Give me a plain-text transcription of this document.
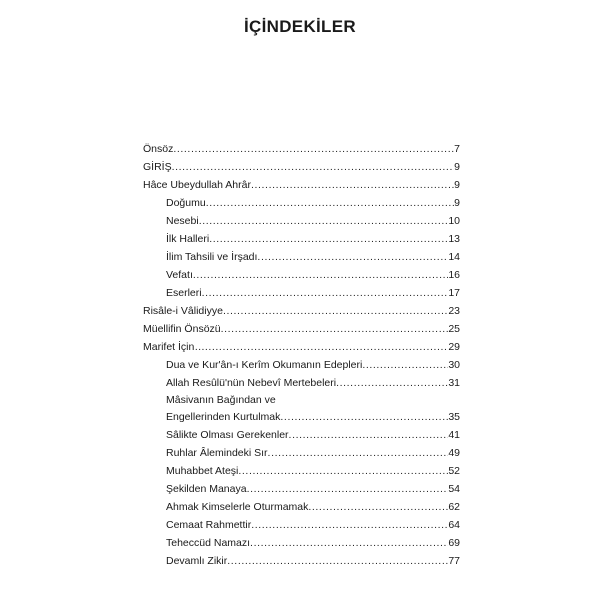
İÇİNDEKİLER
Önsöz .....	7
GİRİŞ .....	9
Hâce Ubeydullah Ahrâr .....	9
Doğumu .....	9
Nesebi .....	10
İlk Halleri .....	13
İlim Tahsili ve İrşadı .....	14
Vefatı .....	16
Eserleri .....	17
Risâle-i Vâlidiyye .....	23
Müellifin Önsözü .....	25
Marifet İçin… .....	29
Dua ve Kur'ân-ı Kerîm Okumanın Edepleri .....	30
Allah Resûlü'nün Nebevî Mertebeleri .....	31
Mâsivanın Bağından ve
Engellerinden Kurtulmak .....	35
Sâlikte Olması Gerekenler .....	41
Ruhlar Âlemindeki Sır .....	49
Muhabbet Ateşi .....	52
Şekilden Manaya .....	54
Ahmak Kimselerle Oturmamak .....	62
Cemaat Rahmettir .....	64
Teheccüd Namazı .....	69
Devamlı Zikir .....	77
